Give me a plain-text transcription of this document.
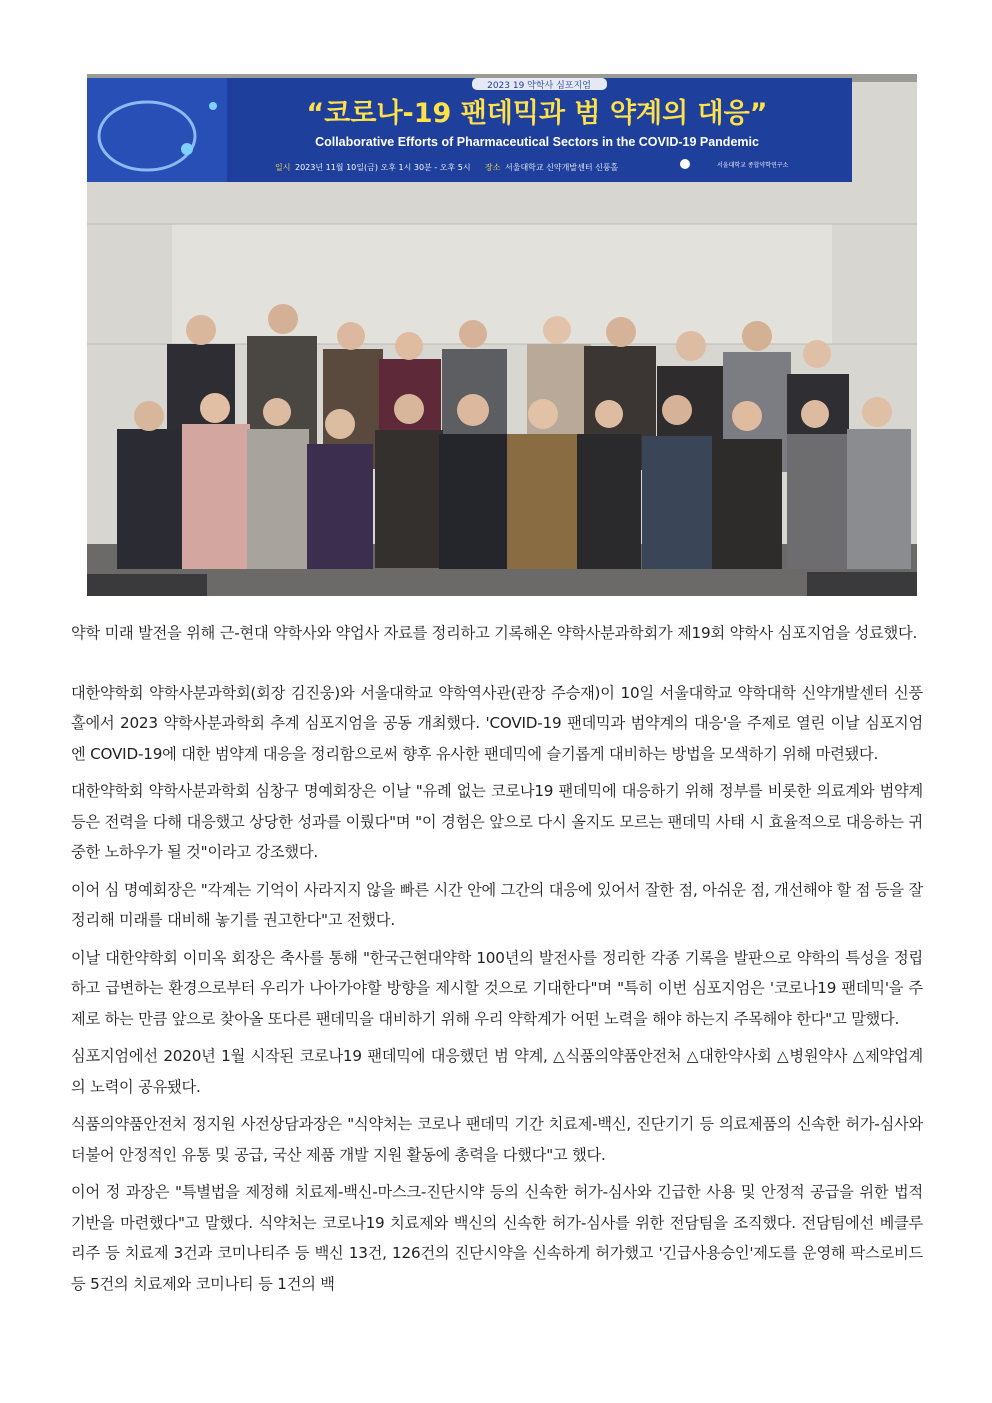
2023 19 약학사 심포지엄
“코로나-19 팬데믹과 범 약계의 대응”
Collaborative Efforts of Pharmaceutical Sectors in the COVID-19 Pandemic
일시 2023년 11월 10일(금) 오후 1시 30분 - 오후 5시 장소 서울대학교 신약개발센터 신풍홀	서울대학교 종합약학연구소

약학 미래 발전을 위해 근-현대 약학사와 약업사 자료를 정리하고 기록해온 약학사분과학회가 제19회 약학사 심포지엄을 성료했다.

대한약학회 약학사분과학회(회장 김진웅)와 서울대학교 약학역사관(관장 주승재)이 10일 서울대학교 약학대학 신약개발센터 신풍홀에서 2023 약학사분과학회 추계 심포지엄을 공동 개최했다. 'COVID-19 팬데믹과 범약계의 대응'을 주제로 열린 이날 심포지엄엔 COVID-19에 대한 범약계 대응을 정리함으로써 향후 유사한 팬데믹에 슬기롭게 대비하는 방법을 모색하기 위해 마련됐다.

대한약학회 약학사분과학회 심창구 명예회장은 이날 "유례 없는 코로나19 팬데믹에 대응하기 위해 정부를 비롯한 의료계와 범약계 등은 전력을 다해 대응했고 상당한 성과를 이뤘다"며 "이 경험은 앞으로 다시 올지도 모르는 팬데믹 사태 시 효율적으로 대응하는 귀중한 노하우가 될 것"이라고 강조했다.

이어 심 명예회장은 "각계는 기억이 사라지지 않을 빠른 시간 안에 그간의 대응에 있어서 잘한 점, 아쉬운 점, 개선해야 할 점 등을 잘 정리해 미래를 대비해 놓기를 권고한다"고 전했다.

이날 대한약학회 이미옥 회장은 축사를 통해 "한국근현대약학 100년의 발전사를 정리한 각종 기록을 발판으로 약학의 특성을 정립하고 급변하는 환경으로부터 우리가 나아가야할 방향을 제시할 것으로 기대한다"며 "특히 이번 심포지엄은 '코로나19 팬데믹'을 주제로 하는 만큼 앞으로 찾아올 또다른 팬데믹을 대비하기 위해 우리 약학계가 어떤 노력을 해야 하는지 주목해야 한다"고 말했다.

심포지엄에선 2020년 1월 시작된 코로나19 팬데믹에 대응했던 범 약계, △식품의약품안전처 △대한약사회 △병원약사 △제약업계의 노력이 공유됐다.

식품의약품안전처 정지원 사전상담과장은 "식약처는 코로나 팬데믹 기간 치료제-백신, 진단기기 등 의료제품의 신속한 허가-심사와 더불어 안정적인 유통 및 공급, 국산 제품 개발 지원 활동에 총력을 다했다"고 했다.

이어 정 과장은 "특별법을 제정해 치료제-백신-마스크-진단시약 등의 신속한 허가-심사와 긴급한 사용 및 안정적 공급을 위한 법적 기반을 마련했다"고 말했다. 식약처는 코로나19 치료제와 백신의 신속한 허가-심사를 위한 전담팀을 조직했다. 전담팀에선 베클루리주 등 치료제 3건과 코미나티주 등 백신 13건, 126건의 진단시약을 신속하게 허가했고 '긴급사용승인'제도를 운영해 팍스로비드 등 5건의 치료제와 코미나티 등 1건의 백
